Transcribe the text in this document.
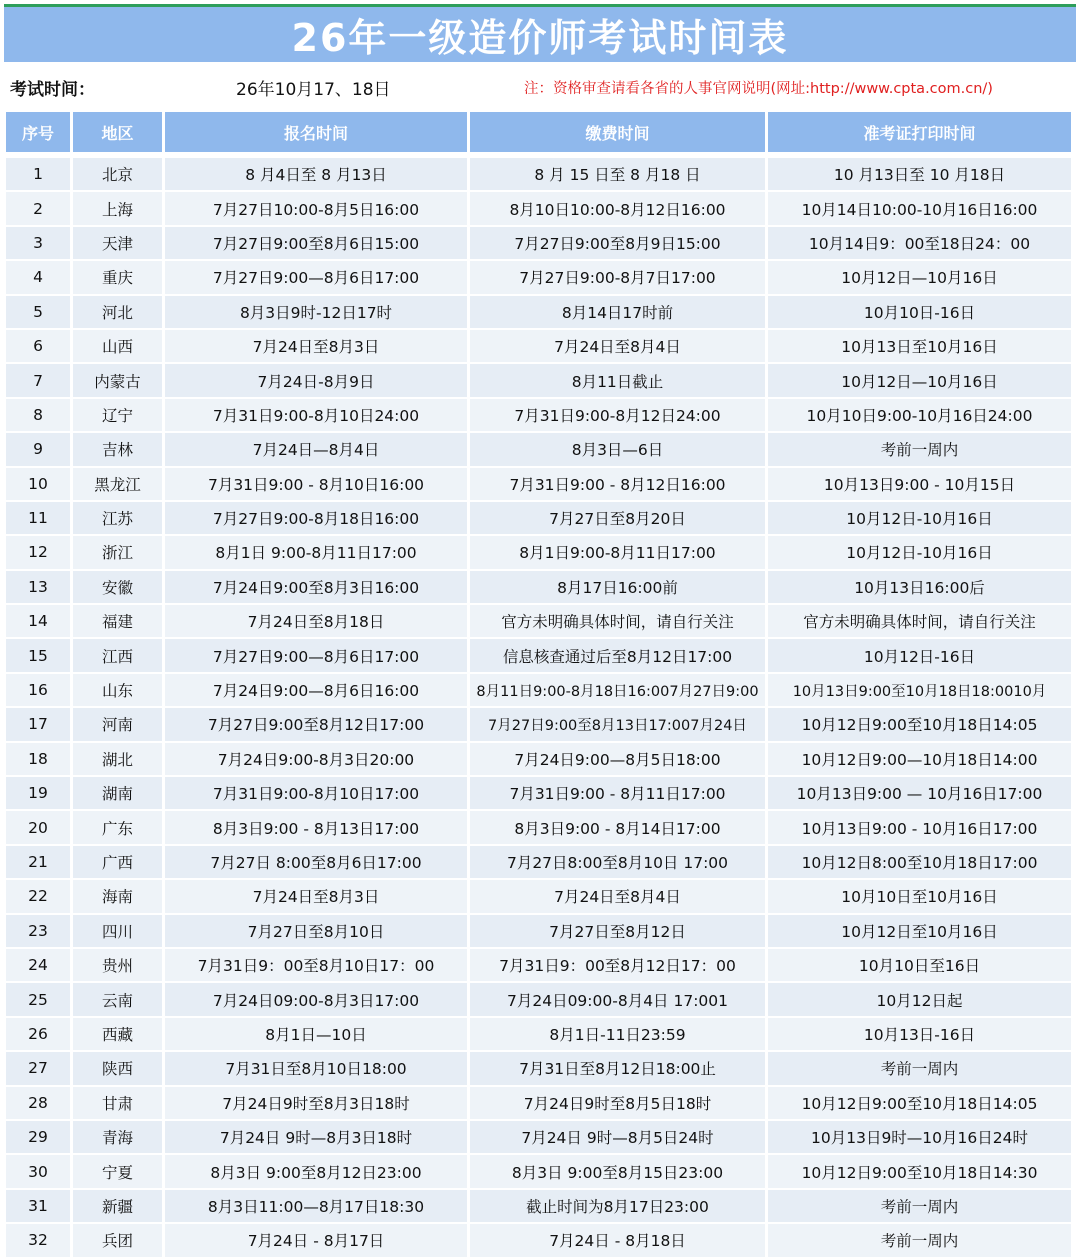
26年一级造价师考试时间表
考试时间：	26年10月17、18日	注：资格审查请看各省的人事官网说明(网址:http://www.cpta.com.cn/)
序号	地区	报名时间	缴费时间	准考证打印时间
1	北京	8 月4日至 8 月13日	8 月 15 日至 8 月18 日	10 月13日至 10 月18日
2	上海	7月27日10:00-8月5日16:00	8月10日10:00-8月12日16:00	10月14日10:00-10月16日16:00
3	天津	7月27日9:00至8月6日15:00	7月27日9:00至8月9日15:00	10月14日9：00至18日24：00
4	重庆	7月27日9:00—8月6日17:00	7月27日9:00-8月7日17:00	10月12日—10月16日
5	河北	8月3日9时-12日17时	8月14日17时前	10月10日-16日
6	山西	7月24日至8月3日	7月24日至8月4日	10月13日至10月16日
7	内蒙古	7月24日-8月9日	8月11日截止	10月12日—10月16日
8	辽宁	7月31日9:00-8月10日24:00	7月31日9:00-8月12日24:00	10月10日9:00-10月16日24:00
9	吉林	7月24日—8月4日	8月3日—6日	考前一周内
10	黑龙江	7月31日9:00 - 8月10日16:00	7月31日9:00 - 8月12日16:00	10月13日9:00 - 10月15日
11	江苏	7月27日9:00-8月18日16:00	7月27日至8月20日	10月12日-10月16日
12	浙江	8月1日 9:00-8月11日17:00	8月1日9:00-8月11日17:00	10月12日-10月16日
13	安徽	7月24日9:00至8月3日16:00	8月17日16:00前	10月13日16:00后
14	福建	7月24日至8月18日	官方未明确具体时间，请自行关注	官方未明确具体时间，请自行关注
15	江西	7月27日9:00—8月6日17:00	信息核查通过后至8月12日17:00	10月12日-16日
16	山东	7月24日9:00—8月6日16:00	8月11日9:00-8月18日16:007月27日9:00	10月13日9:00至10月18日18:0010月
17	河南	7月27日9:00至8月12日17:00	7月27日9:00至8月13日17:007月24日	10月12日9:00至10月18日14:05
18	湖北	7月24日9:00-8月3日20:00	7月24日9:00—8月5日18:00	10月12日9:00—10月18日14:00
19	湖南	7月31日9:00-8月10日17:00	7月31日9:00 - 8月11日17:00	10月13日9:00 — 10月16日17:00
20	广东	8月3日9:00 - 8月13日17:00	8月3日9:00 - 8月14日17:00	10月13日9:00 - 10月16日17:00
21	广西	7月27日 8:00至8月6日17:00	7月27日8:00至8月10日 17:00	10月12日8:00至10月18日17:00
22	海南	7月24日至8月3日	7月24日至8月4日	10月10日至10月16日
23	四川	7月27日至8月10日	7月27日至8月12日	10月12日至10月16日
24	贵州	7月31日9：00至8月10日17：00	7月31日9：00至8月12日17：00	10月10日至16日
25	云南	7月24日09:00-8月3日17:00	7月24日09:00-8月4日 17:001	10月12日起
26	西藏	8月1日—10日	8月1日-11日23:59	10月13日-16日
27	陕西	7月31日至8月10日18:00	7月31日至8月12日18:00止	考前一周内
28	甘肃	7月24日9时至8月3日18时	7月24日9时至8月5日18时	10月12日9:00至10月18日14:05
29	青海	7月24日 9时—8月3日18时	7月24日 9时—8月5日24时	10月13日9时—10月16日24时
30	宁夏	8月3日 9:00至8月12日23:00	8月3日 9:00至8月15日23:00	10月12日9:00至10月18日14:30
31	新疆	8月3日11:00—8月17日18:30	截止时间为8月17日23:00	考前一周内
32	兵团	7月24日 - 8月17日	7月24日 - 8月18日	考前一周内
